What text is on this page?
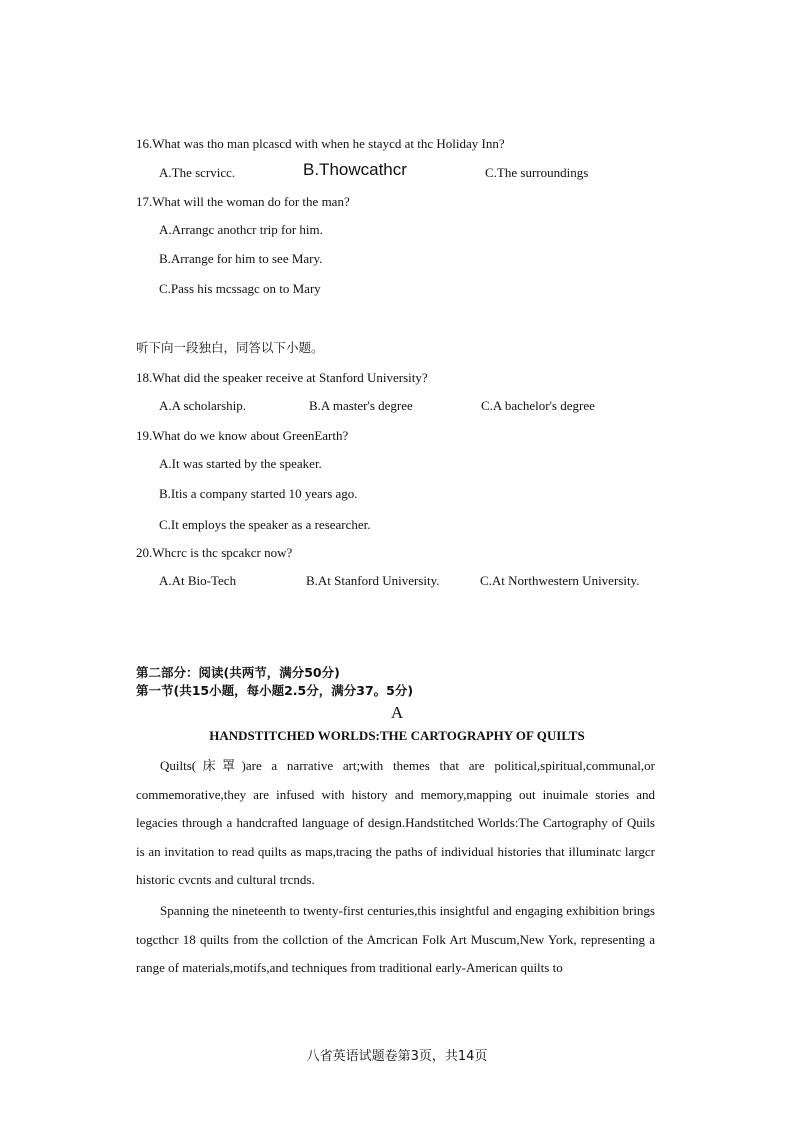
16.What was tho man plcascd with when he staycd at thc Holiday Inn?
A.The scrvicc.	B.Thowcathcr	C.The surroundings
17.What will the woman do for the man?
A.Arrangc anothcr trip for him.
B.Arrange for him to see Mary.
C.Pass his mcssagc on to Mary
听下向一段独白，同答以下小题。
18.What did the speaker receive at Stanford University?
A.A scholarship.	B.A master's degree	C.A bachelor's degree
19.What do we know about GreenEarth?
A.It was started by the speaker.
B.Itis a company started 10 years ago.
C.It employs the speaker as a researcher.
20.Whcrc is thc spcakcr now?
A.At Bio-Tech	B.At Stanford University.	C.At Northwestern University.
第二部分：阅读(共两节，满分50分)
第一节(共15小题，每小题2.5分，满分37。5分)
A
HANDSTITCHED WORLDS:THE CARTOGRAPHY OF QUILTS
Quilts(床罩)are a narrative art;with themes that are political,spiritual,communal,or commemorative,they are infused with history and memory,mapping out inuimale stories and legacies through a handcrafted language of design.Handstitched Worlds:The Cartography of Quils is an invitation to read quilts as maps,tracing the paths of individual histories that illuminatc largcr historic cvcnts and cultural trcnds.
Spanning the nineteenth to twenty-first centuries,this insightful and engaging exhibition brings togcthcr 18 quilts from the collction of the Amcrican Folk Art Muscum,New York, representing a range of materials,motifs,and techniques from traditional early-American quilts to
八省英语试题卷第3页，共14页
